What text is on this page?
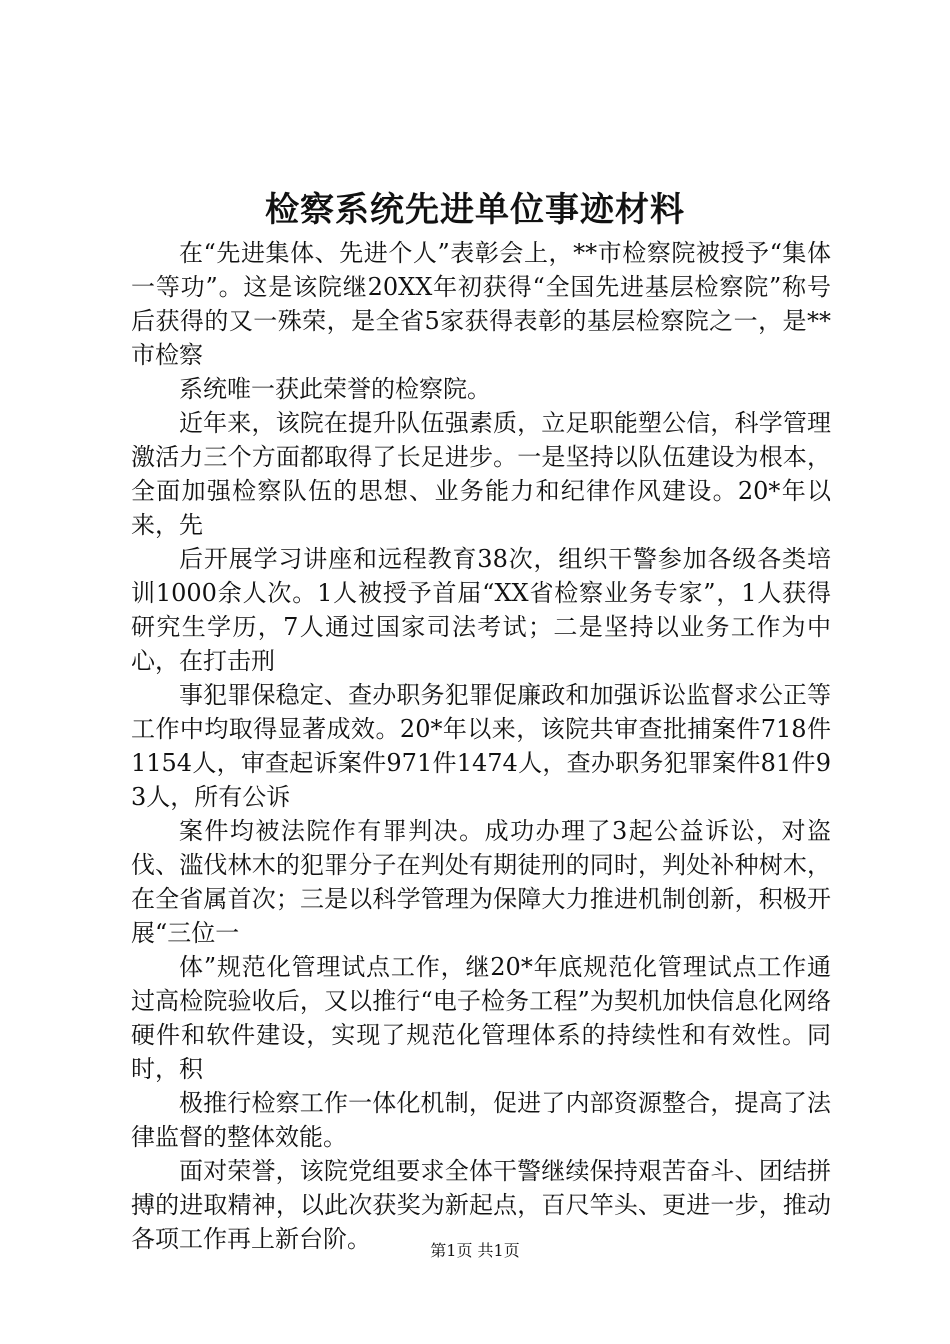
检察系统先进单位事迹材料

在“先进集体、先进个人”表彰会上，**市检察院被授予“集体一等功”。这是该院继20XX年初获得“全国先进基层检察院”称号后获得的又一殊荣，是全省5家获得表彰的基层检察院之一，是**市检察

系统唯一获此荣誉的检察院。

近年来，该院在提升队伍强素质，立足职能塑公信，科学管理激活力三个方面都取得了长足进步。一是坚持以队伍建设为根本，全面加强检察队伍的思想、业务能力和纪律作风建设。20*年以来，先

后开展学习讲座和远程教育38次，组织干警参加各级各类培训1000余人次。1人被授予首届“XX省检察业务专家”，1人获得研究生学历，7人通过国家司法考试；二是坚持以业务工作为中心，在打击刑

事犯罪保稳定、查办职务犯罪促廉政和加强诉讼监督求公正等工作中均取得显著成效。20*年以来，该院共审查批捕案件718件1154人，审查起诉案件971件1474人，查办职务犯罪案件81件93人，所有公诉

案件均被法院作有罪判决。成功办理了3起公益诉讼，对盗伐、滥伐林木的犯罪分子在判处有期徒刑的同时，判处补种树木，在全省属首次；三是以科学管理为保障大力推进机制创新，积极开展“三位一

体”规范化管理试点工作，继20*年底规范化管理试点工作通过高检院验收后，又以推行“电子检务工程”为契机加快信息化网络硬件和软件建设，实现了规范化管理体系的持续性和有效性。同时，积

极推行检察工作一体化机制，促进了内部资源整合，提高了法律监督的整体效能。

面对荣誉，该院党组要求全体干警继续保持艰苦奋斗、团结拼搏的进取精神，以此次获奖为新起点，百尺竿头、更进一步，推动各项工作再上新台阶。	第1页 共1页
